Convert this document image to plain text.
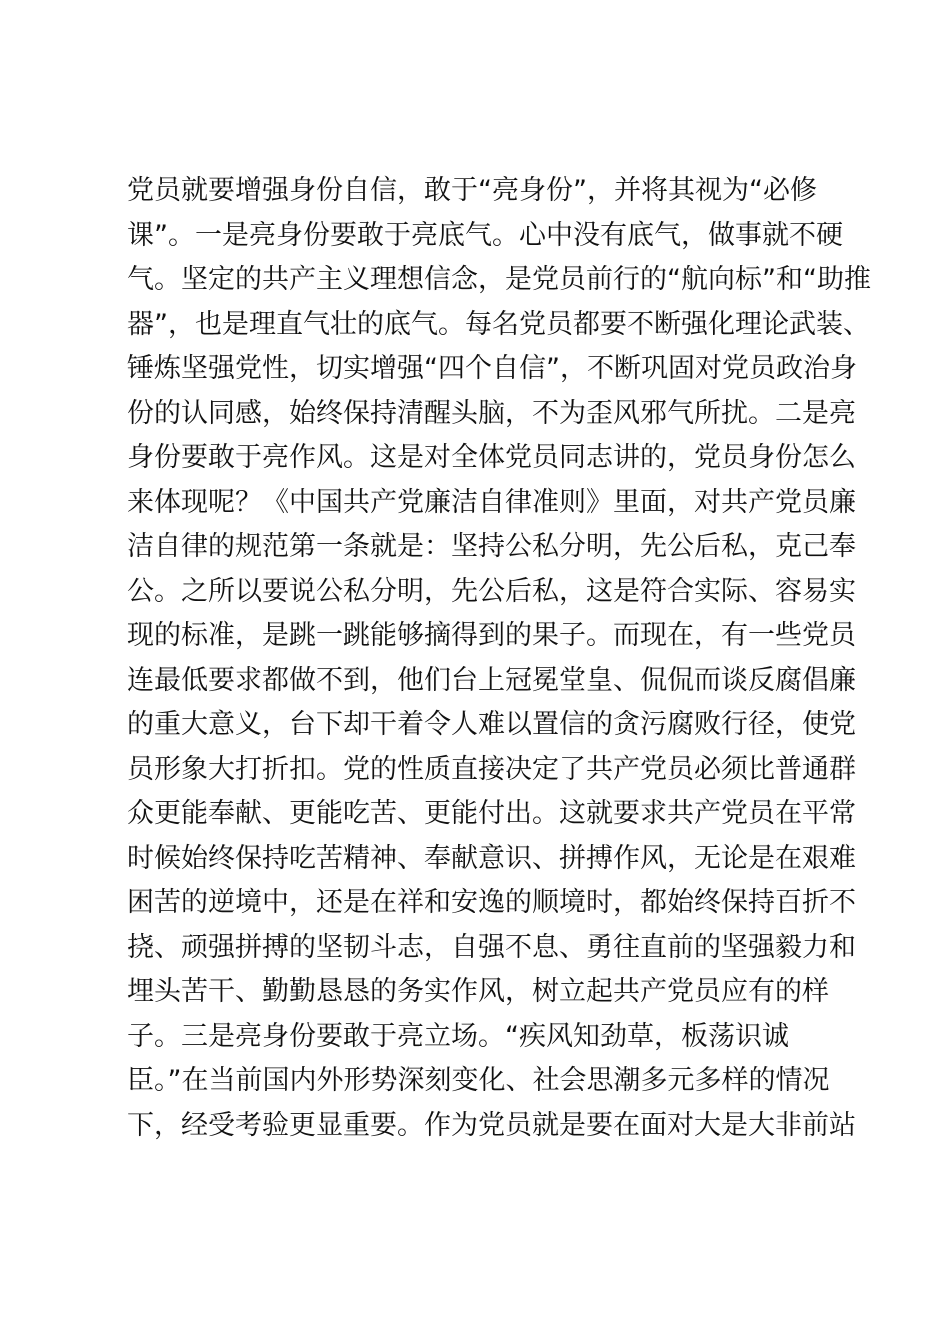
党员就要增强身份自信，敢于“亮身份”，并将其视为“必修
课”。一是亮身份要敢于亮底气。心中没有底气，做事就不硬
气。坚定的共产主义理想信念，是党员前行的“航向标”和“助推
器”，也是理直气壮的底气。每名党员都要不断强化理论武装、
锤炼坚强党性，切实增强“四个自信”，不断巩固对党员政治身
份的认同感，始终保持清醒头脑，不为歪风邪气所扰。二是亮
身份要敢于亮作风。这是对全体党员同志讲的，党员身份怎么
来体现呢？《中国共产党廉洁自律准则》里面，对共产党员廉
洁自律的规范第一条就是：坚持公私分明，先公后私，克己奉
公。之所以要说公私分明，先公后私，这是符合实际、容易实
现的标准，是跳一跳能够摘得到的果子。而现在，有一些党员
连最低要求都做不到，他们台上冠冕堂皇、侃侃而谈反腐倡廉
的重大意义，台下却干着令人难以置信的贪污腐败行径，使党
员形象大打折扣。党的性质直接决定了共产党员必须比普通群
众更能奉献、更能吃苦、更能付出。这就要求共产党员在平常
时候始终保持吃苦精神、奉献意识、拼搏作风，无论是在艰难
困苦的逆境中，还是在祥和安逸的顺境时，都始终保持百折不
挠、顽强拼搏的坚韧斗志，自强不息、勇往直前的坚强毅力和
埋头苦干、勤勤恳恳的务实作风，树立起共产党员应有的样
子。三是亮身份要敢于亮立场。“疾风知劲草，板荡识诚
臣。”在当前国内外形势深刻变化、社会思潮多元多样的情况
下，经受考验更显重要。作为党员就是要在面对大是大非前站
